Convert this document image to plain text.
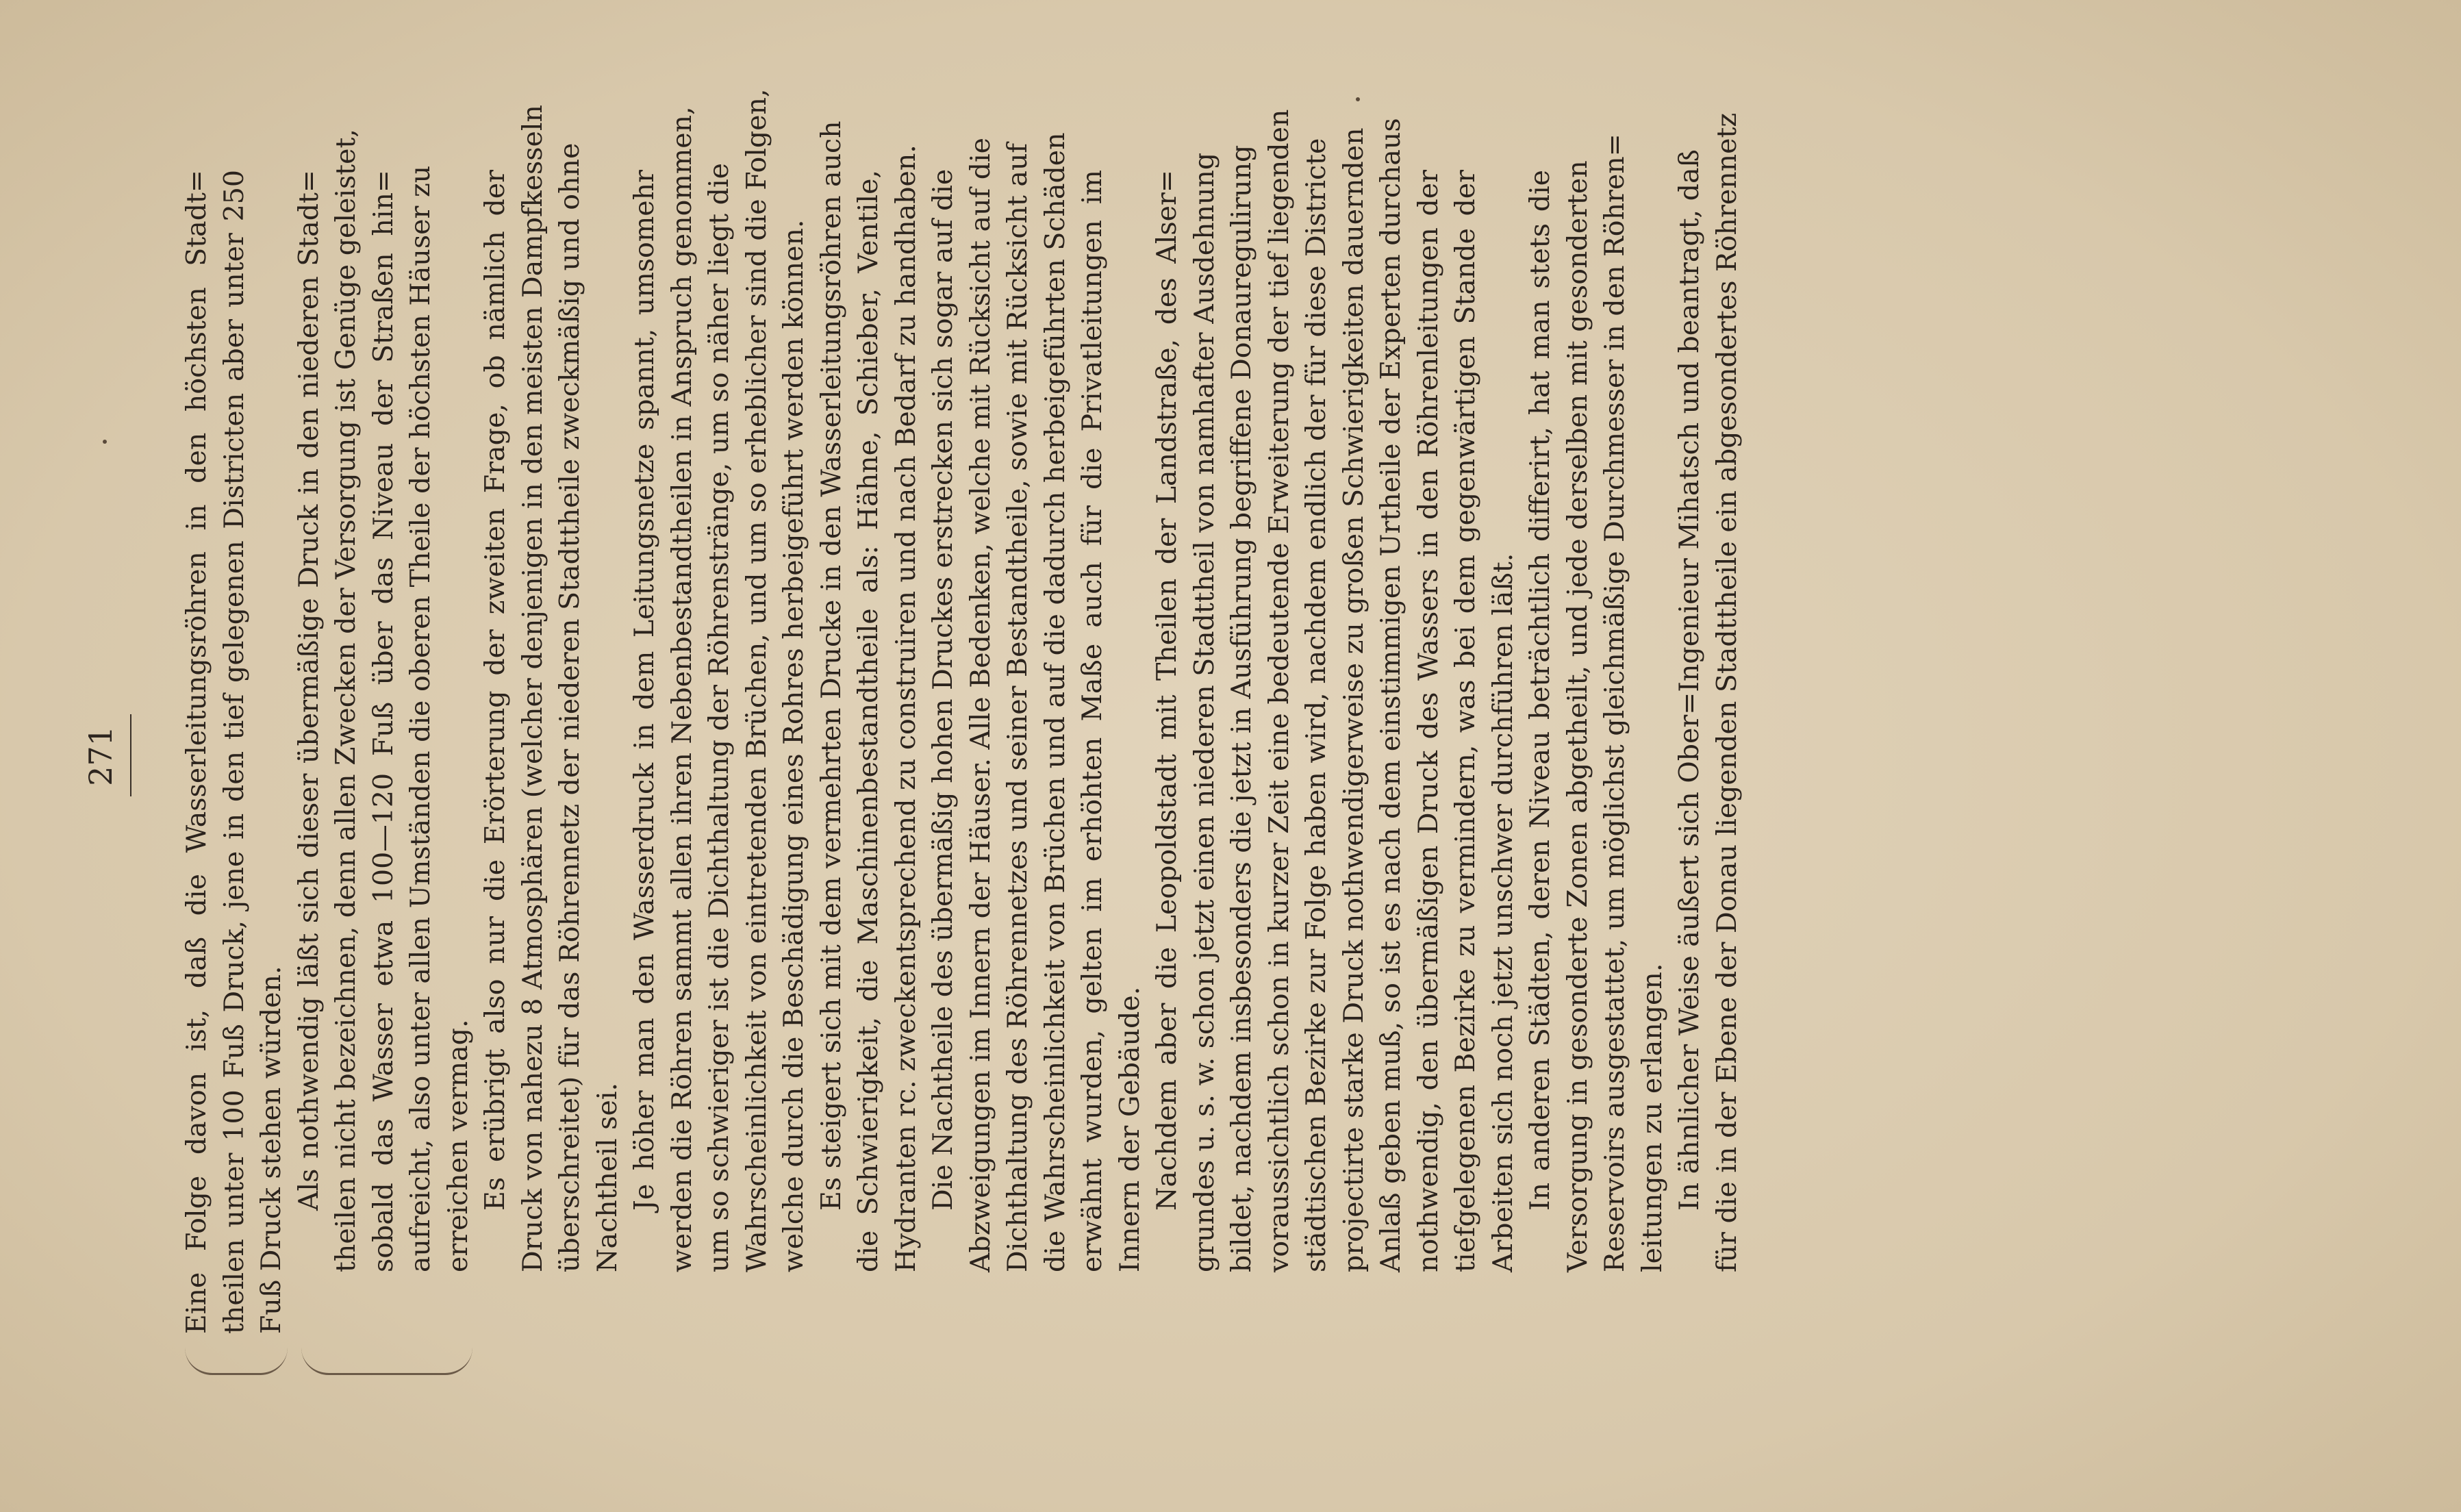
271 Eine Folge davon ist, daß die Wasserleitungsröhren in den höchsten Stadt= theilen unter 100 Fuß Druck, jene in den tief gelegenen Districten aber unter 250 Fuß Druck stehen würden. Als nothwendig läßt sich dieser übermäßige Druck in den niederen Stadt= theilen nicht bezeichnen, denn allen Zwecken der Versorgung ist Genüge geleistet, sobald das Wasser etwa 100—120 Fuß über das Niveau der Straßen hin= aufreicht, also unter allen Umständen die oberen Theile der höchsten Häuser zu erreichen vermag. Es erübrigt also nur die Erörterung der zweiten Frage, ob nämlich der Druck von nahezu 8 Atmosphären (welcher denjenigen in den meisten Dampfkesseln überschreitet) für das Röhrennetz der niederen Stadttheile zweckmäßig und ohne Nachtheil sei. Je höher man den Wasserdruck in dem Leitungsnetze spannt, umsomehr werden die Röhren sammt allen ihren Nebenbestandtheilen in Anspruch genommen, um so schwieriger ist die Dichthaltung der Röhrenstränge, um so näher liegt die Wahrscheinlichkeit von eintretenden Brüchen, und um so erheblicher sind die Folgen, welche durch die Beschädigung eines Rohres herbeigeführt werden können. Es steigert sich mit dem vermehrten Drucke in den Wasserleitungsröhren auch die Schwierigkeit, die Maschinenbestandtheile als: Hähne, Schieber, Ventile, Hydranten rc. zweckentsprechend zu construiren und nach Bedarf zu handhaben. Die Nachtheile des übermäßig hohen Druckes erstrecken sich sogar auf die Abzweigungen im Innern der Häuser. Alle Bedenken, welche mit Rücksicht auf die Dichthaltung des Röhrennetzes und seiner Bestandtheile, sowie mit Rücksicht auf die Wahrscheinlichkeit von Brüchen und auf die dadurch herbeigeführten Schäden erwähnt wurden, gelten im erhöhten Maße auch für die Privatleitungen im Innern der Gebäude. Nachdem aber die Leopoldstadt mit Theilen der Landstraße, des Alser= grundes u. s. w. schon jetzt einen niederen Stadttheil von namhafter Ausdehnung bildet, nachdem insbesonders die jetzt in Ausführung begriffene Donauregulirung voraussichtlich schon in kurzer Zeit eine bedeutende Erweiterung der tief liegenden städtischen Bezirke zur Folge haben wird, nachdem endlich der für diese Districte projectirte starke Druck nothwendigerweise zu großen Schwierigkeiten dauernden Anlaß geben muß, so ist es nach dem einstimmigen Urtheile der Experten durchaus nothwendig, den übermäßigen Druck des Wassers in den Röhrenleitungen der tiefgelegenen Bezirke zu vermindern, was bei dem gegenwärtigen Stande der Arbeiten sich noch jetzt unschwer durchführen läßt. In anderen Städten, deren Niveau beträchtlich differirt, hat man stets die Versorgung in gesonderte Zonen abgetheilt, und jede derselben mit gesonderten Reservoirs ausgestattet, um möglichst gleichmäßige Durchmesser in den Röhren= leitungen zu erlangen. In ähnlicher Weise äußert sich Ober=Ingenieur Mihatsch und beantragt, daß für die in der Ebene der Donau liegenden Stadttheile ein abgesondertes Röhrennetz
